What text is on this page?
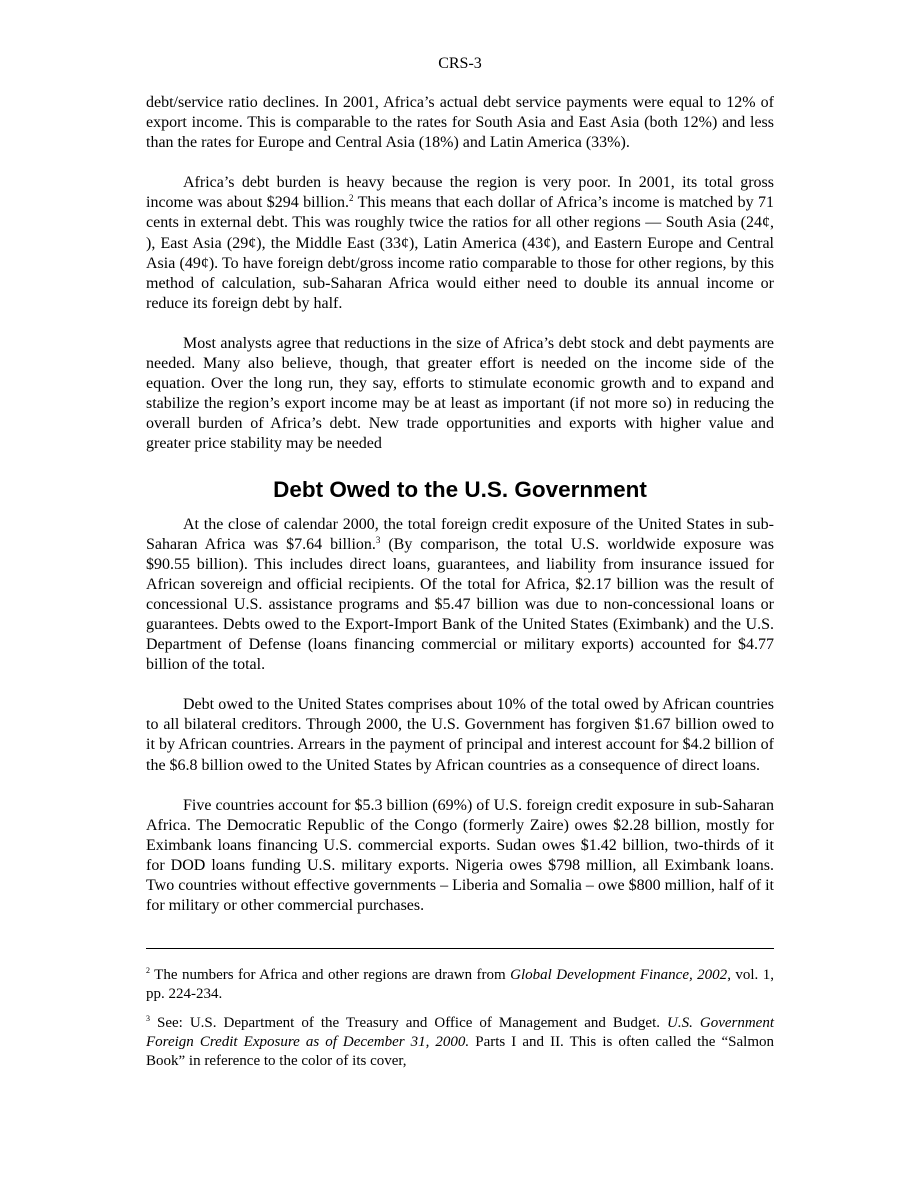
CRS-3

debt/service ratio declines. In 2001, Africa’s actual debt service payments were equal to 12% of export income. This is comparable to the rates for South Asia and East Asia (both 12%) and less than the rates for Europe and Central Asia (18%) and Latin America (33%).

Africa’s debt burden is heavy because the region is very poor. In 2001, its total gross income was about $294 billion.$^2$ This means that each dollar of Africa’s income is matched by 71 cents in external debt. This was roughly twice the ratios for all other regions — South Asia (24¢, ), East Asia (29¢), the Middle East (33¢), Latin America (43¢), and Eastern Europe and Central Asia (49¢). To have foreign debt/gross income ratio comparable to those for other regions, by this method of calculation, sub-Saharan Africa would either need to double its annual income or reduce its foreign debt by half.

Most analysts agree that reductions in the size of Africa’s debt stock and debt payments are needed. Many also believe, though, that greater effort is needed on the income side of the equation. Over the long run, they say, efforts to stimulate economic growth and to expand and stabilize the region’s export income may be at least as important (if not more so) in reducing the overall burden of Africa’s debt. New trade opportunities and exports with higher value and greater price stability may be needed

Debt Owed to the U.S. Government

At the close of calendar 2000, the total foreign credit exposure of the United States in sub-Saharan Africa was $7.64 billion.$^3$ (By comparison, the total U.S. worldwide exposure was $90.55 billion). This includes direct loans, guarantees, and liability from insurance issued for African sovereign and official recipients. Of the total for Africa, $2.17 billion was the result of concessional U.S. assistance programs and $5.47 billion was due to non-concessional loans or guarantees. Debts owed to the Export-Import Bank of the United States (Eximbank) and the U.S. Department of Defense (loans financing commercial or military exports) accounted for $4.77 billion of the total.

Debt owed to the United States comprises about 10% of the total owed by African countries to all bilateral creditors. Through 2000, the U.S. Government has forgiven $1.67 billion owed to it by African countries. Arrears in the payment of principal and interest account for $4.2 billion of the $6.8 billion owed to the United States by African countries as a consequence of direct loans.

Five countries account for $5.3 billion (69%) of U.S. foreign credit exposure in sub-Saharan Africa. The Democratic Republic of the Congo (formerly Zaire) owes $2.28 billion, mostly for Eximbank loans financing U.S. commercial exports. Sudan owes $1.42 billion, two-thirds of it for DOD loans funding U.S. military exports. Nigeria owes $798 million, all Eximbank loans. Two countries without effective governments – Liberia and Somalia – owe $800 million, half of it for military or other commercial purchases.

$^2$ The numbers for Africa and other regions are drawn from Global Development Finance, 2002, vol. 1, pp. 224-234.
$^3$ See: U.S. Department of the Treasury and Office of Management and Budget. U.S. Government Foreign Credit Exposure as of December 31, 2000. Parts I and II. This is often called the “Salmon Book” in reference to the color of its cover,
